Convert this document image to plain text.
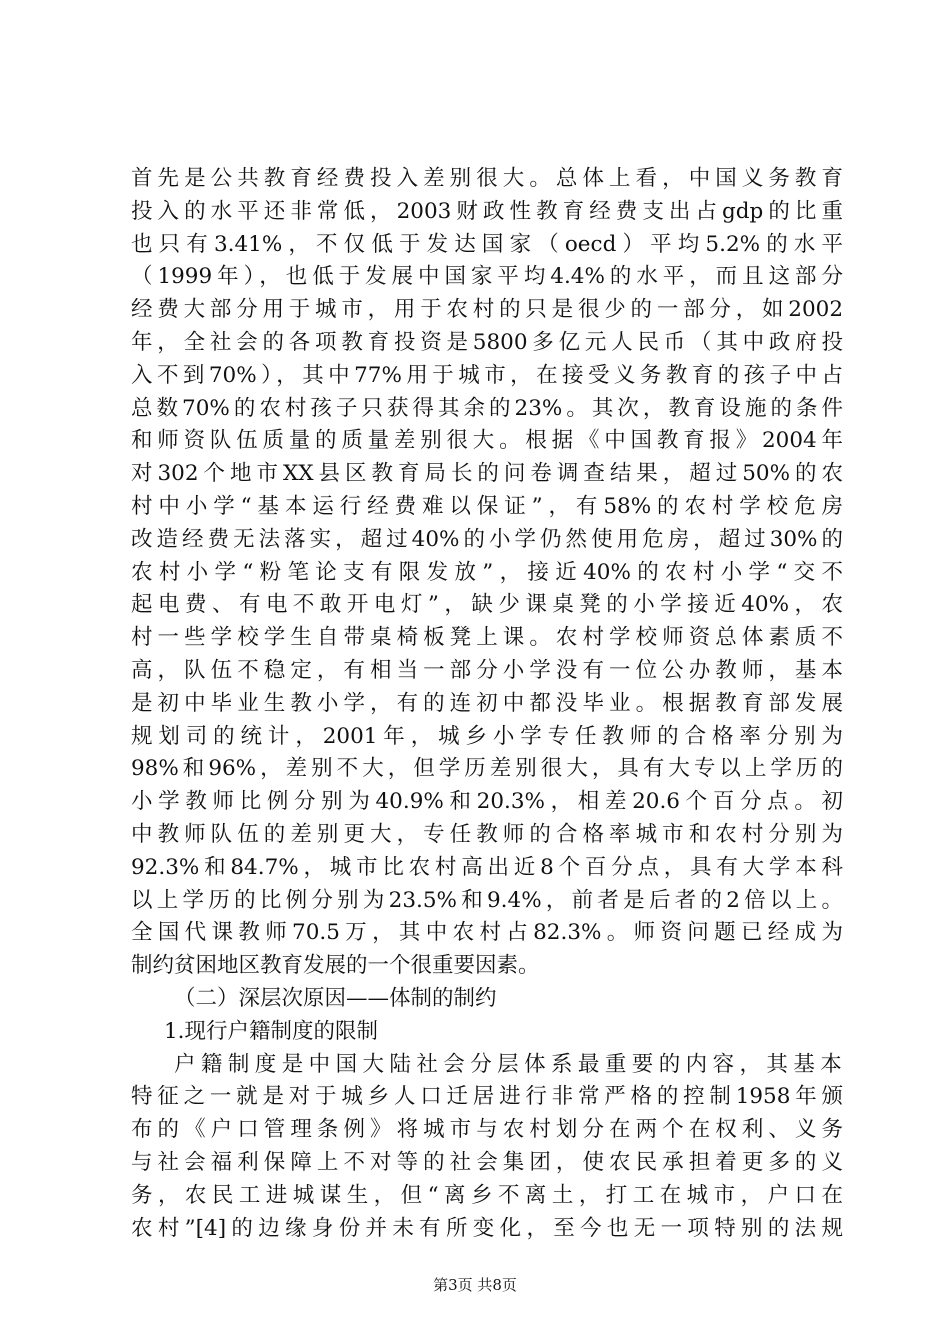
首先是公共教育经费投入差别很大。总体上看，中国义务教育
投入的水平还非常低，2003财政性教育经费支出占gdp的比重
也只有3.41%，不仅低于发达国家（oecd）平均5.2%的水平
（1999年），也低于发展中国家平均4.4%的水平，而且这部分
经费大部分用于城市，用于农村的只是很少的一部分，如2002
年，全社会的各项教育投资是5800多亿元人民币（其中政府投
入不到70%），其中77%用于城市，在接受义务教育的孩子中占
总数70%的农村孩子只获得其余的23%。其次，教育设施的条件
和师资队伍质量的质量差别很大。根据《中国教育报》2004年
对302个地市XX县区教育局长的问卷调查结果，超过50%的农
村中小学“基本运行经费难以保证”，有58%的农村学校危房
改造经费无法落实，超过40%的小学仍然使用危房，超过30%的
农村小学“粉笔论支有限发放”，接近40%的农村小学“交不
起电费、有电不敢开电灯”，缺少课桌凳的小学接近40%，农
村一些学校学生自带桌椅板凳上课。农村学校师资总体素质不
高，队伍不稳定，有相当一部分小学没有一位公办教师，基本
是初中毕业生教小学，有的连初中都没毕业。根据教育部发展
规划司的统计，2001年，城乡小学专任教师的合格率分别为
98%和96%，差别不大，但学历差别很大，具有大专以上学历的
小学教师比例分别为40.9%和20.3%，相差20.6个百分点。初
中教师队伍的差别更大，专任教师的合格率城市和农村分别为
92.3%和84.7%，城市比农村高出近8个百分点，具有大学本科
以上学历的比例分别为23.5%和9.4%，前者是后者的2倍以上。
全国代课教师70.5万，其中农村占82.3%。师资问题已经成为
制约贫困地区教育发展的一个很重要因素。
（二）深层次原因——体制的制约
1.现行户籍制度的限制
户籍制度是中国大陆社会分层体系最重要的内容，其基本
特征之一就是对于城乡人口迁居进行非常严格的控制1958年颁
布的《户口管理条例》将城市与农村划分在两个在权利、义务
与社会福利保障上不对等的社会集团，使农民承担着更多的义
务，农民工进城谋生，但“离乡不离土，打工在城市，户口在
农村”[4]的边缘身份并未有所变化，至今也无一项特别的法规
第3页 共8页
